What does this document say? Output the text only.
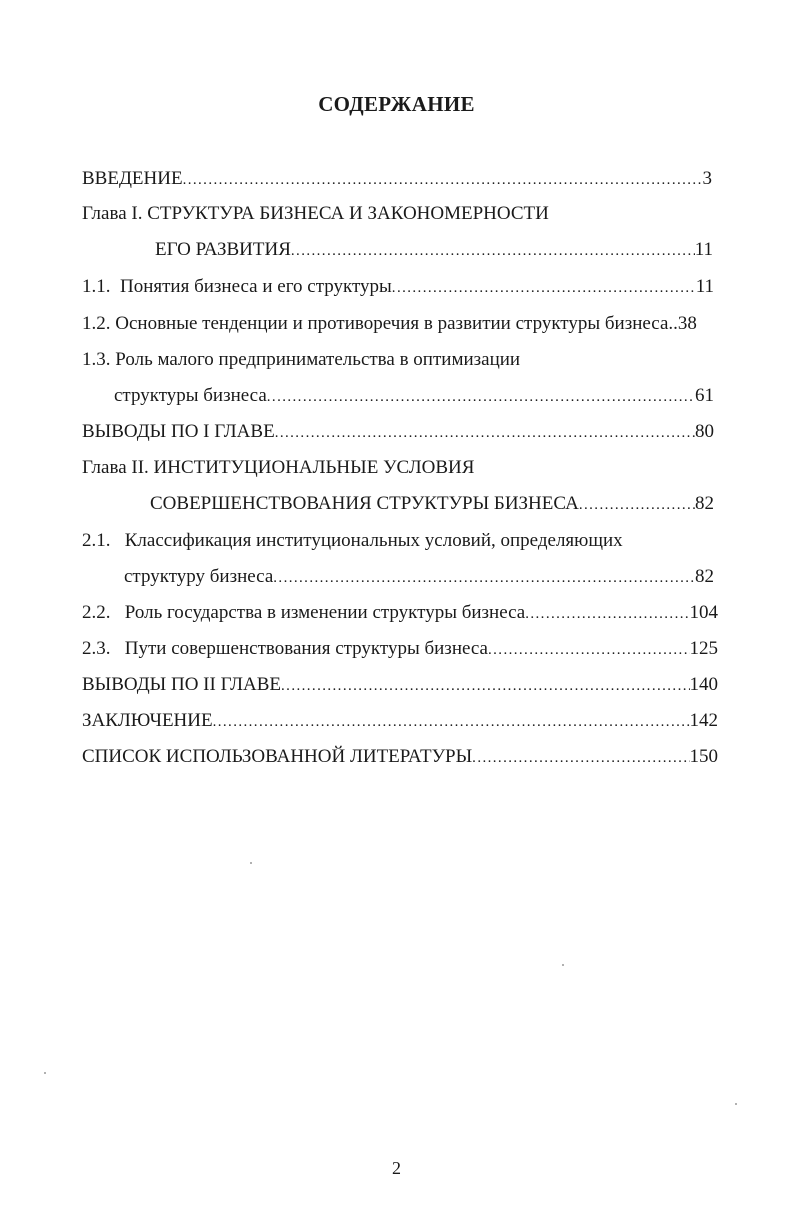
СОДЕРЖАНИЕ
ВВЕДЕНИЕ .....	3
Глава I. СТРУКТУРА БИЗНЕСА И ЗАКОНОМЕРНОСТИ
ЕГО РАЗВИТИЯ .....	11
1.1. Понятия бизнеса и его структуры .....	11
1.2. Основные тенденции и противоречия в развитии структуры бизнеса..38
1.3. Роль малого предпринимательства в оптимизации
структуры бизнеса .....	61
ВЫВОДЫ ПО I ГЛАВЕ .....	80
Глава II. ИНСТИТУЦИОНАЛЬНЫЕ УСЛОВИЯ
СОВЕРШЕНСТВОВАНИЯ СТРУКТУРЫ БИЗНЕСА .....	82
2.1. Классификация институциональных условий, определяющих
структуру бизнеса .....	82
2.2. Роль государства в изменении структуры бизнеса .....	104
2.3. Пути совершенствования структуры бизнеса .....	125
ВЫВОДЫ ПО II ГЛАВЕ .....	140
ЗАКЛЮЧЕНИЕ .....	142
СПИСОК ИСПОЛЬЗОВАННОЙ ЛИТЕРАТУРЫ .....	150
2
